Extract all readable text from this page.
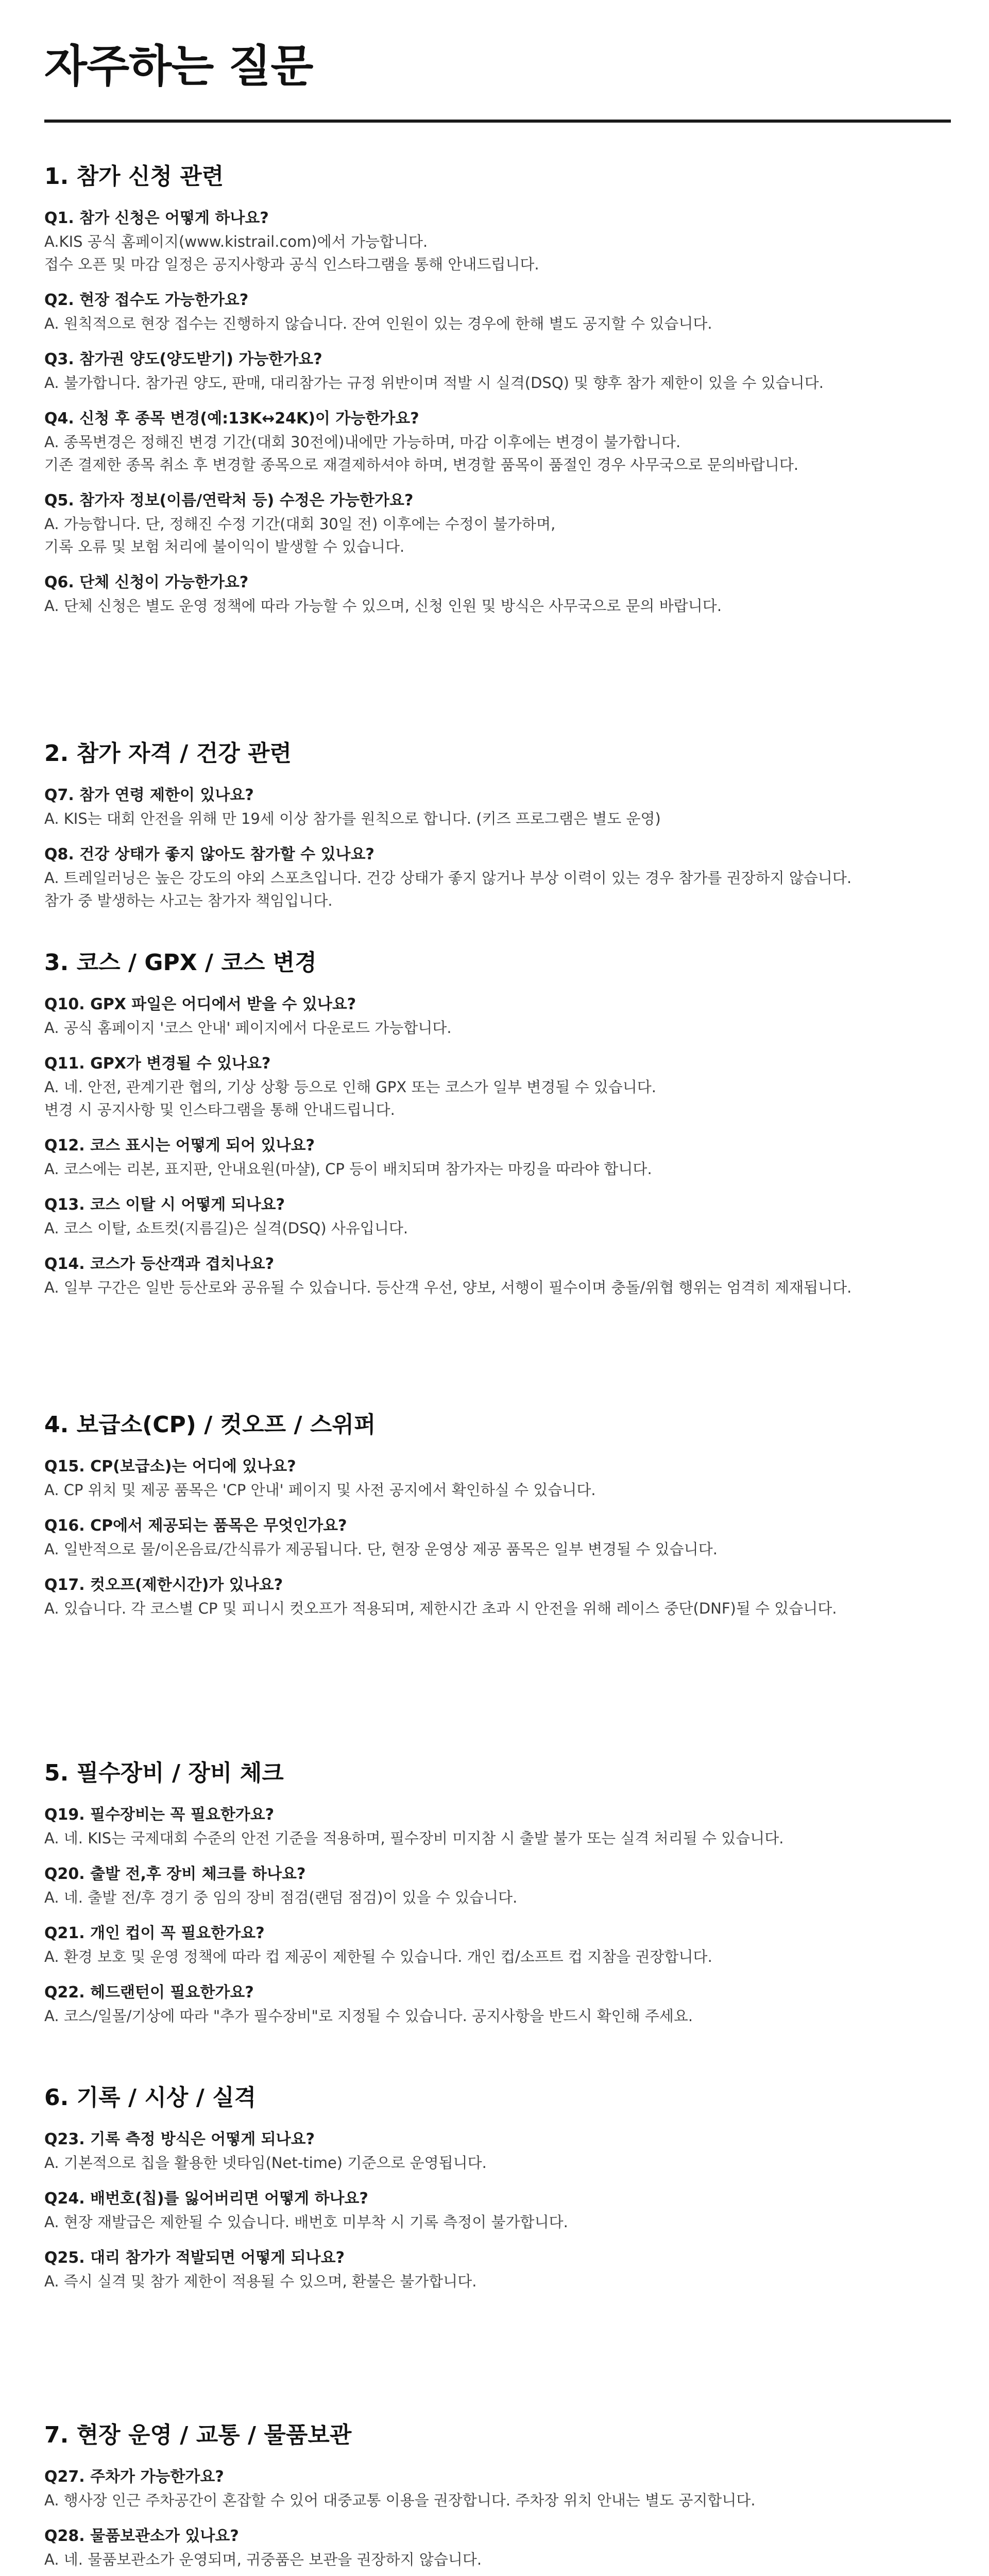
자주하는 질문
1. 참가 신청 관련

Q1. 참가 신청은 어떻게 하나요?

A.KIS 공식 홈페이지(www.kistrail.com)에서 가능합니다.
접수 오픈 및 마감 일정은 공지사항과 공식 인스타그램을 통해 안내드립니다.

Q2. 현장 접수도 가능한가요?

A. 원칙적으로 현장 접수는 진행하지 않습니다. 잔여 인원이 있는 경우에 한해 별도 공지할 수 있습니다.

Q3. 참가권 양도(양도받기) 가능한가요?

A. 불가합니다. 참가권 양도, 판매, 대리참가는 규정 위반이며 적발 시 실격(DSQ) 및 향후 참가 제한이 있을 수 있습니다.

Q4. 신청 후 종목 변경(예:13K↔24K)이 가능한가요?

A. 종목변경은 정해진 변경 기간(대회 30전에)내에만 가능하며, 마감 이후에는 변경이 불가합니다.
기존 결제한 종목 취소 후 변경할 종목으로 재결제하셔야 하며, 변경할 품목이 품절인 경우 사무국으로 문의바랍니다.

Q5. 참가자 정보(이름/연락처 등) 수정은 가능한가요?

A. 가능합니다. 단, 정해진 수정 기간(대회 30일 전) 이후에는 수정이 불가하며,
기록 오류 및 보험 처리에 불이익이 발생할 수 있습니다.

Q6. 단체 신청이 가능한가요?

A. 단체 신청은 별도 운영 정책에 따라 가능할 수 있으며, 신청 인원 및 방식은 사무국으로 문의 바랍니다.

2. 참가 자격 / 건강 관련

Q7. 참가 연령 제한이 있나요?

A. KIS는 대회 안전을 위해 만 19세 이상 참가를 원칙으로 합니다. (키즈 프로그램은 별도 운영)

Q8. 건강 상태가 좋지 않아도 참가할 수 있나요?

A. 트레일러닝은 높은 강도의 야외 스포츠입니다. 건강 상태가 좋지 않거나 부상 이력이 있는 경우 참가를 권장하지 않습니다.
참가 중 발생하는 사고는 참가자 책임입니다.

3. 코스 / GPX / 코스 변경

Q10. GPX 파일은 어디에서 받을 수 있나요?

A. 공식 홈페이지 '코스 안내' 페이지에서 다운로드 가능합니다.

Q11. GPX가 변경될 수 있나요?

A. 네. 안전, 관계기관 협의, 기상 상황 등으로 인해 GPX 또는 코스가 일부 변경될 수 있습니다.
변경 시 공지사항 및 인스타그램을 통해 안내드립니다.

Q12. 코스 표시는 어떻게 되어 있나요?

A. 코스에는 리본, 표지판, 안내요원(마샬), CP 등이 배치되며 참가자는 마킹을 따라야 합니다.

Q13. 코스 이탈 시 어떻게 되나요?

A. 코스 이탈, 쇼트컷(지름길)은 실격(DSQ) 사유입니다.

Q14. 코스가 등산객과 겹치나요?

A. 일부 구간은 일반 등산로와 공유될 수 있습니다. 등산객 우선, 양보, 서행이 필수이며 충돌/위협 행위는 엄격히 제재됩니다.

4. 보급소(CP) / 컷오프 / 스위퍼

Q15. CP(보급소)는 어디에 있나요?

A. CP 위치 및 제공 품목은 'CP 안내' 페이지 및 사전 공지에서 확인하실 수 있습니다.

Q16. CP에서 제공되는 품목은 무엇인가요?

A. 일반적으로 물/이온음료/간식류가 제공됩니다. 단, 현장 운영상 제공 품목은 일부 변경될 수 있습니다.

Q17. 컷오프(제한시간)가 있나요?

A. 있습니다. 각 코스별 CP 및 피니시 컷오프가 적용되며, 제한시간 초과 시 안전을 위해 레이스 중단(DNF)될 수 있습니다.

5. 필수장비 / 장비 체크

Q19. 필수장비는 꼭 필요한가요?

A. 네. KIS는 국제대회 수준의 안전 기준을 적용하며, 필수장비 미지참 시 출발 불가 또는 실격 처리될 수 있습니다.

Q20. 출발 전,후 장비 체크를 하나요?

A. 네. 출발 전/후 경기 중 임의 장비 점검(랜덤 점검)이 있을 수 있습니다.

Q21. 개인 컵이 꼭 필요한가요?

A. 환경 보호 및 운영 정책에 따라 컵 제공이 제한될 수 있습니다. 개인 컵/소프트 컵 지참을 권장합니다.

Q22. 헤드랜턴이 필요한가요?

A. 코스/일몰/기상에 따라 "추가 필수장비"로 지정될 수 있습니다. 공지사항을 반드시 확인해 주세요.

6. 기록 / 시상 / 실격

Q23. 기록 측정 방식은 어떻게 되나요?

A. 기본적으로 칩을 활용한 넷타임(Net-time) 기준으로 운영됩니다.

Q24. 배번호(칩)를 잃어버리면 어떻게 하나요?

A. 현장 재발급은 제한될 수 있습니다. 배번호 미부착 시 기록 측정이 불가합니다.

Q25. 대리 참가가 적발되면 어떻게 되나요?

A. 즉시 실격 및 참가 제한이 적용될 수 있으며, 환불은 불가합니다.

7. 현장 운영 / 교통 / 물품보관

Q27. 주차가 가능한가요?

A. 행사장 인근 주차공간이 혼잡할 수 있어 대중교통 이용을 권장합니다. 주차장 위치 안내는 별도 공지합니다.

Q28. 물품보관소가 있나요?

A. 네. 물품보관소가 운영되며, 귀중품은 보관을 권장하지 않습니다.
